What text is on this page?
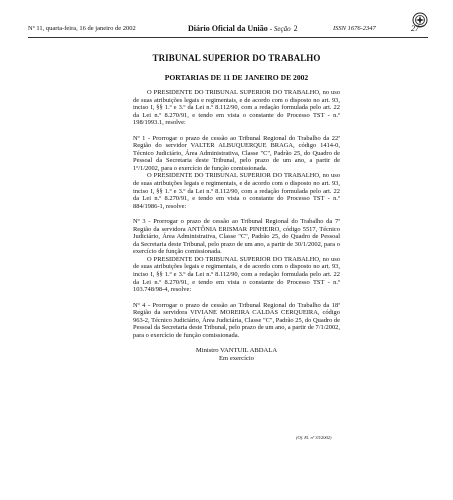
Nº 11, quarta-feira, 16 de janeiro de 2002	Diário Oficial da União - Seção 2	ISSN 1676-2347	27
TRIBUNAL SUPERIOR DO TRABALHO
PORTARIAS DE 11 DE JANEIRO DE 2002

O PRESIDENTE DO TRIBUNAL SUPERIOR DO TRABALHO, no uso de suas atribuições legais e regimentais, e de acordo com o disposto no art. 93, inciso I, §§ 1.º e 3.º da Lei n.º 8.112/90, com a redação formulada pelo art. 22 da Lei n.º 8.270/91, e tendo em vista o constante do Processo TST - n.º 198/1993.1, resolve:

Nº 1 - Prorrogar o prazo de cessão ao Tribunal Regional do Trabalho da 22ª Região do servidor VALTER ALBUQUERQUE BRAGA, código 1414-0, Técnico Judiciário, Área Administrativa, Classe "C", Padrão 25, do Quadro de Pessoal da Secretaria deste Tribunal, pelo prazo de um ano, a partir de 1º/1/2002, para o exercício de função comissionada.

O PRESIDENTE DO TRIBUNAL SUPERIOR DO TRABALHO, no uso de suas atribuições legais e regimentais, e de acordo com o disposto no art. 93, inciso I, §§ 1.º e 3.º da Lei n.º 8.112/90, com a redação formulada pelo art. 22 da Lei n.º 8.270/91, e tendo em vista o constante do Processo TST - n.º 884/1986-1, resolve:

Nº 3 - Prorrogar o prazo de cessão ao Tribunal Regional do Trabalho da 7ª Região da servidora ANTÔNIA ERISMAR PINHEIRO, código 5517, Técnico Judiciário, Área Administrativa, Classe "C", Padrão 25, do Quadro de Pessoal da Secretaria deste Tribunal, pelo prazo de um ano, a partir de 30/1/2002, para o exercício de função comissionada.

O PRESIDENTE DO TRIBUNAL SUPERIOR DO TRABALHO, no uso de suas atribuições legais e regimentais, e de acordo com o disposto no art. 93, inciso I, §§ 1.º e 3.º da Lei n.º 8.112/90, com a redação formulada pelo art. 22 da Lei n.º 8.270/91, e tendo em vista o constante do Processo TST - n.º 103.748/98-4, resolve:

Nº 4 - Prorrogar o prazo de cessão ao Tribunal Regional do Trabalho da 18ª Região da servidora VIVIANE MOREIRA CALDAS CERQUEIRA, código 963-2, Técnico Judiciário, Área Judiciária, Classe "C", Padrão 25, do Quadro de Pessoal da Secretaria deste Tribunal, pelo prazo de um ano, a partir de 7/1/2002, para o exercício de função comissionada.

Ministro VANTUIL ABDALA
Em exercício
(Of. El. nº 33/2002)
